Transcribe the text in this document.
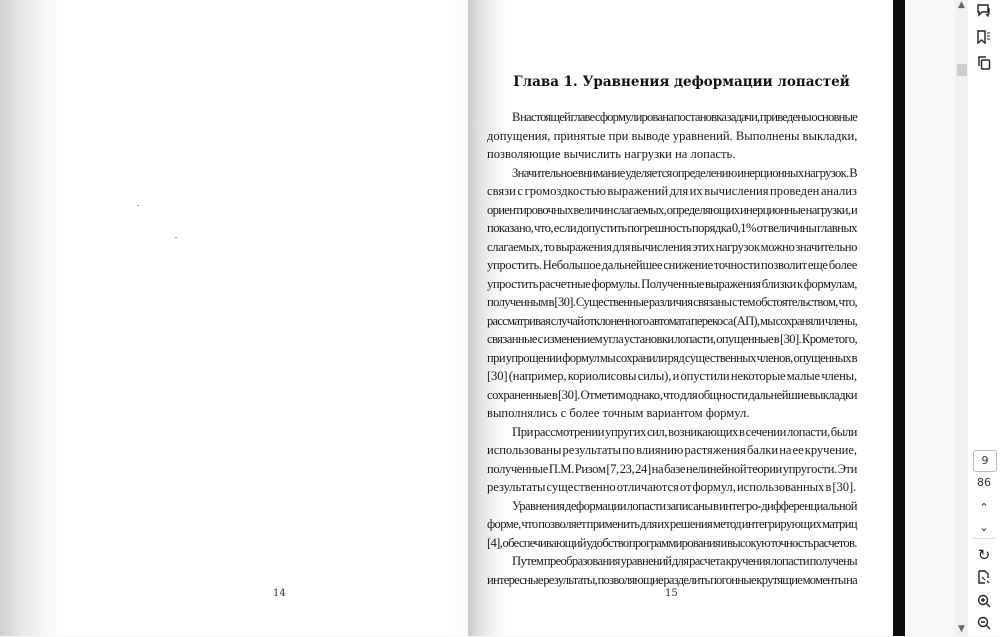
14	15
Глава 1. Уравнения деформации лопастей
В настоящей главе сформулирована постановка задачи, приведены основные
допущения, принятые при выводе уравнений. Выполнены выкладки,
позволяющие вычислить нагрузки на лопасть.
Значительное внимание уделяется определению инерционных нагрузок. В
связи с громоздкостью выражений для их вычисления проведен анализ
ориентировочных величин слагаемых, определяющих инерционные нагрузки, и
показано, что, если допустить погрешность порядка 0,1% от величины главных
слагаемых, то выражения для вычисления этих нагрузок можно значительно
упростить. Небольшое дальнейшее снижение точности позволит еще более
упростить расчетные формулы. Полученные выражения близки к формулам,
полученным в [30]. Существенные различия связаны с тем обстоятельством, что,
рассматривая случай отклоненного автомата перекоса (АП), мы сохраняли члены,
связанные с изменением угла установки лопасти, опущенные в [30]. Кроме того,
при упрощении формул мы сохранили ряд существенных членов, опущенных в
[30] (например, кориолисовы силы), и опустили некоторые малые члены,
сохраненные в [30]. Отметим однако, что для общности дальнейшие выкладки
выполнялись с более точным вариантом формул.
При рассмотрении упругих сил, возникающих в сечении лопасти, были
использованы результаты по влиянию растяжения балки на ее кручение,
полученные П.М. Ризом [7, 23, 24] на базе нелинейной теории упругости. Эти
результаты существенно отличаются от формул, использованных в [30].
Уравнения деформации лопасти записаны в интегро-дифференциальной
форме, что позволяет применить для их решения метод интегрирующих матриц
[4], обеспечивающий удобство программирования и высокую точность расчетов.
Путем преобразования уравнений для расчета кручения лопасти получены
интересные результаты, позволяющие разделить погонные крутящие моменты на
▲
▼
9
86
⌃
⌄
↻
